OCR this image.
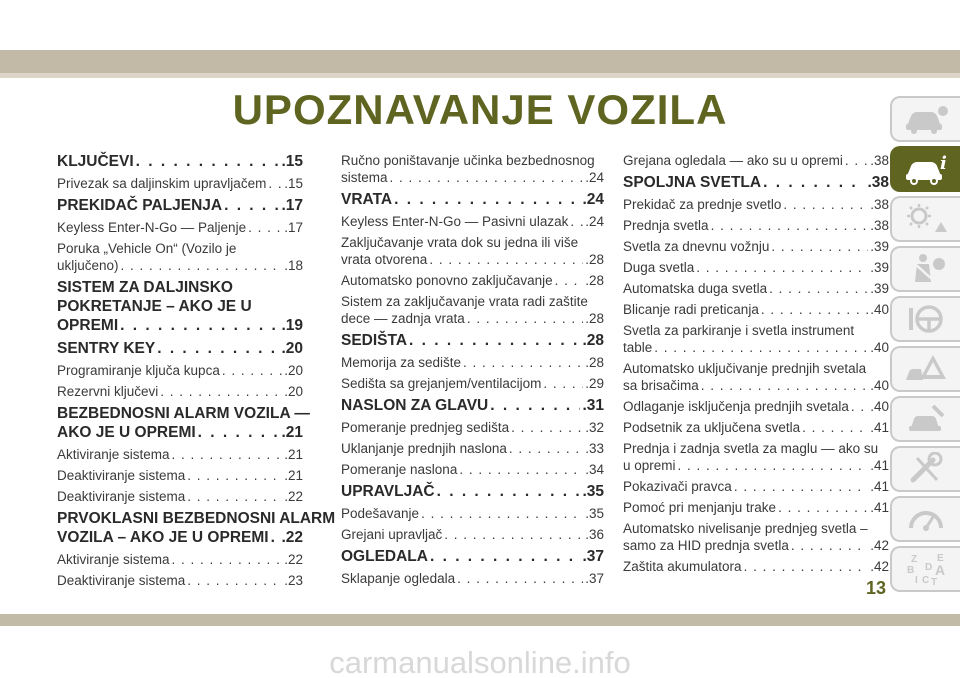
UPOZNAVANJE VOZILA
KLJUČEVI . . .	.15
Privezak sa daljinskim upravljačem . . . .15
PREKIDAČ PALJENJA . . .	.17
Keyless Enter-N-Go — Paljenje . . .	.17
Poruka „Vehicle On“ (Vozilo je
uključeno) . . .	.18
SISTEM ZA DALJINSKO
POKRETANJE – AKO JE U
OPREMI . . .	.19
SENTRY KEY . . .	.20
Programiranje ključa kupca . . .	.20
Rezervni ključevi . . .	.20
BEZBEDNOSNI ALARM VOZILA —
AKO JE U OPREMI . . .	.21
Aktiviranje sistema . . .	.21
Deaktiviranje sistema . . .	.21
Deaktiviranje sistema . . .	.22
PRVOKLASNI BEZBEDNOSNI ALARM
VOZILA – AKO JE U OPREMI . . . .22
Aktiviranje sistema . . .	.22
Deaktiviranje sistema . . .	.23
Ručno poništavanje učinka bezbednosnog
sistema . . .	.24
VRATA . . .	.24
Keyless Enter-N-Go — Pasivni ulazak . . . .24
Zaključavanje vrata dok su jedna ili više
vrata otvorena . . .	.28
Automatsko ponovno zaključavanje . . . .28
Sistem za zaključavanje vrata radi zaštite
dece — zadnja vrata . . .	.28
SEDIŠTA . . .	.28
Memorija za sedište . . .	.28
Sedišta sa grejanjem/ventilacijom . . .	.29
NASLON ZA GLAVU . . .	.31
Pomeranje prednjeg sedišta . . .	.32
Uklanjanje prednjih naslona . . .	.33
Pomeranje naslona . . .	.34
UPRAVLJAČ . . .	.35
Podešavanje . . .	.35
Grejani upravljač . . .	.36
OGLEDALA . . .	.37
Sklapanje ogledala . . .	.37
Grejana ogledala — ako su u opremi . . . .38
SPOLJNA SVETLA . . .	.38
Prekidač za prednje svetlo . . .	.38
Prednja svetla . . .	.38
Svetla za dnevnu vožnju . . .	.39
Duga svetla . . .	.39
Automatska duga svetla . . .	.39
Blicanje radi preticanja . . .	.40
Svetla za parkiranje i svetla instrument
table . . .	.40
Automatsko uključivanje prednjih svetala
sa brisačima . . .	.40
Odlaganje isključenja prednjih svetala . . . .40
Podsetnik za uključena svetla . . .	.41
Prednja i zadnja svetla za maglu — ako su
u opremi . . .	.41
Pokazivači pravca . . .	.41
Pomoć pri menjanju trake . . .	.41
Automatsko nivelisanje prednjeg svetla –
samo za HID prednja svetla . . .	.42
Zaštita akumulatora . . .	.42
i
Z E
B D A
I C T
13
carmanualsonline.info
